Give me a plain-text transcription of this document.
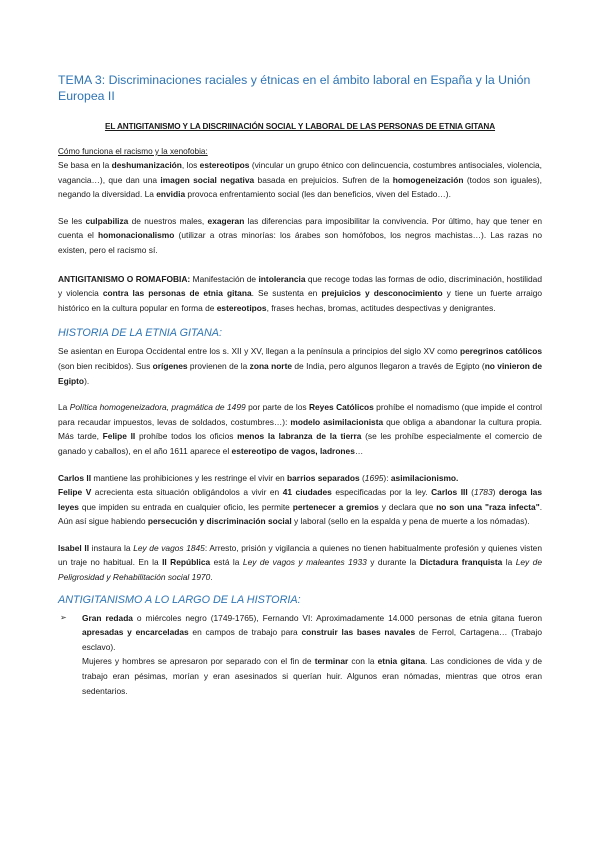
TEMA 3: Discriminaciones raciales y étnicas en el ámbito laboral en España y la Unión Europea II
EL ANTIGITANISMO Y LA DISCRIINACIÓN SOCIAL Y LABORAL DE LAS PERSONAS DE ETNIA GITANA
Cómo funciona el racismo y la xenofobia:

Se basa en la deshumanización, los estereotipos (vincular un grupo étnico con delincuencia, costumbres antisociales, violencia, vagancia…), que dan una imagen social negativa basada en prejuicios. Sufren de la homogeneización (todos son iguales), negando la diversidad. La envidia provoca enfrentamiento social (les dan beneficios, viven del Estado…).

Se les culpabiliza de nuestros males, exageran las diferencias para imposibilitar la convivencia. Por último, hay que tener en cuenta el homonacionalismo (utilizar a otras minorías: los árabes son homófobos, los negros machistas…). Las razas no existen, pero el racismo sí.

ANTIGITANISMO O ROMAFOBIA: Manifestación de intolerancia que recoge todas las formas de odio, discriminación, hostilidad y violencia contra las personas de etnia gitana. Se sustenta en prejuicios y desconocimiento y tiene un fuerte arraigo histórico en la cultura popular en forma de estereotipos, frases hechas, bromas, actitudes despectivas y denigrantes.

HISTORIA DE LA ETNIA GITANA:

Se asientan en Europa Occidental entre los s. XII y XV, llegan a la península a principios del siglo XV como peregrinos católicos (son bien recibidos). Sus orígenes provienen de la zona norte de India, pero algunos llegaron a través de Egipto (no vinieron de Egipto).

La Política homogeneizadora, pragmática de 1499 por parte de los Reyes Católicos prohíbe el nomadismo (que impide el control para recaudar impuestos, levas de soldados, costumbres…): modelo asimilacionista que obliga a abandonar la cultura propia. Más tarde, Felipe II prohíbe todos los oficios menos la labranza de la tierra (se les prohíbe especialmente el comercio de ganado y caballos), en el año 1611 aparece el estereotipo de vagos, ladrones…

Carlos II mantiene las prohibiciones y les restringe el vivir en barrios separados (1695): asimilacionismo.

Felipe V acrecienta esta situación obligándolos a vivir en 41 ciudades especificadas por la ley. Carlos III (1783) deroga las leyes que impiden su entrada en cualquier oficio, les permite pertenecer a gremios y declara que no son una "raza infecta". Aún así sigue habiendo persecución y discriminación social y laboral (sello en la espalda y pena de muerte a los nómadas).

Isabel II instaura la Ley de vagos 1845: Arresto, prisión y vigilancia a quienes no tienen habitualmente profesión y quienes visten un traje no habitual. En la II República está la Ley de vagos y maleantes 1933 y durante la Dictadura franquista la Ley de Peligrosidad y Rehabilitación social 1970.

ANTIGITANISMO A LO LARGO DE LA HISTORIA:
➢	Gran redada o miércoles negro (1749-1765), Fernando VI: Aproximadamente 14.000 personas de etnia gitana fueron apresadas y encarceladas en campos de trabajo para construir las bases navales de Ferrol, Cartagena… (Trabajo esclavo).

Mujeres y hombres se apresaron por separado con el fin de terminar con la etnia gitana. Las condiciones de vida y de trabajo eran pésimas, morían y eran asesinados si querían huir. Algunos eran nómadas, mientras que otros eran sedentarios.
